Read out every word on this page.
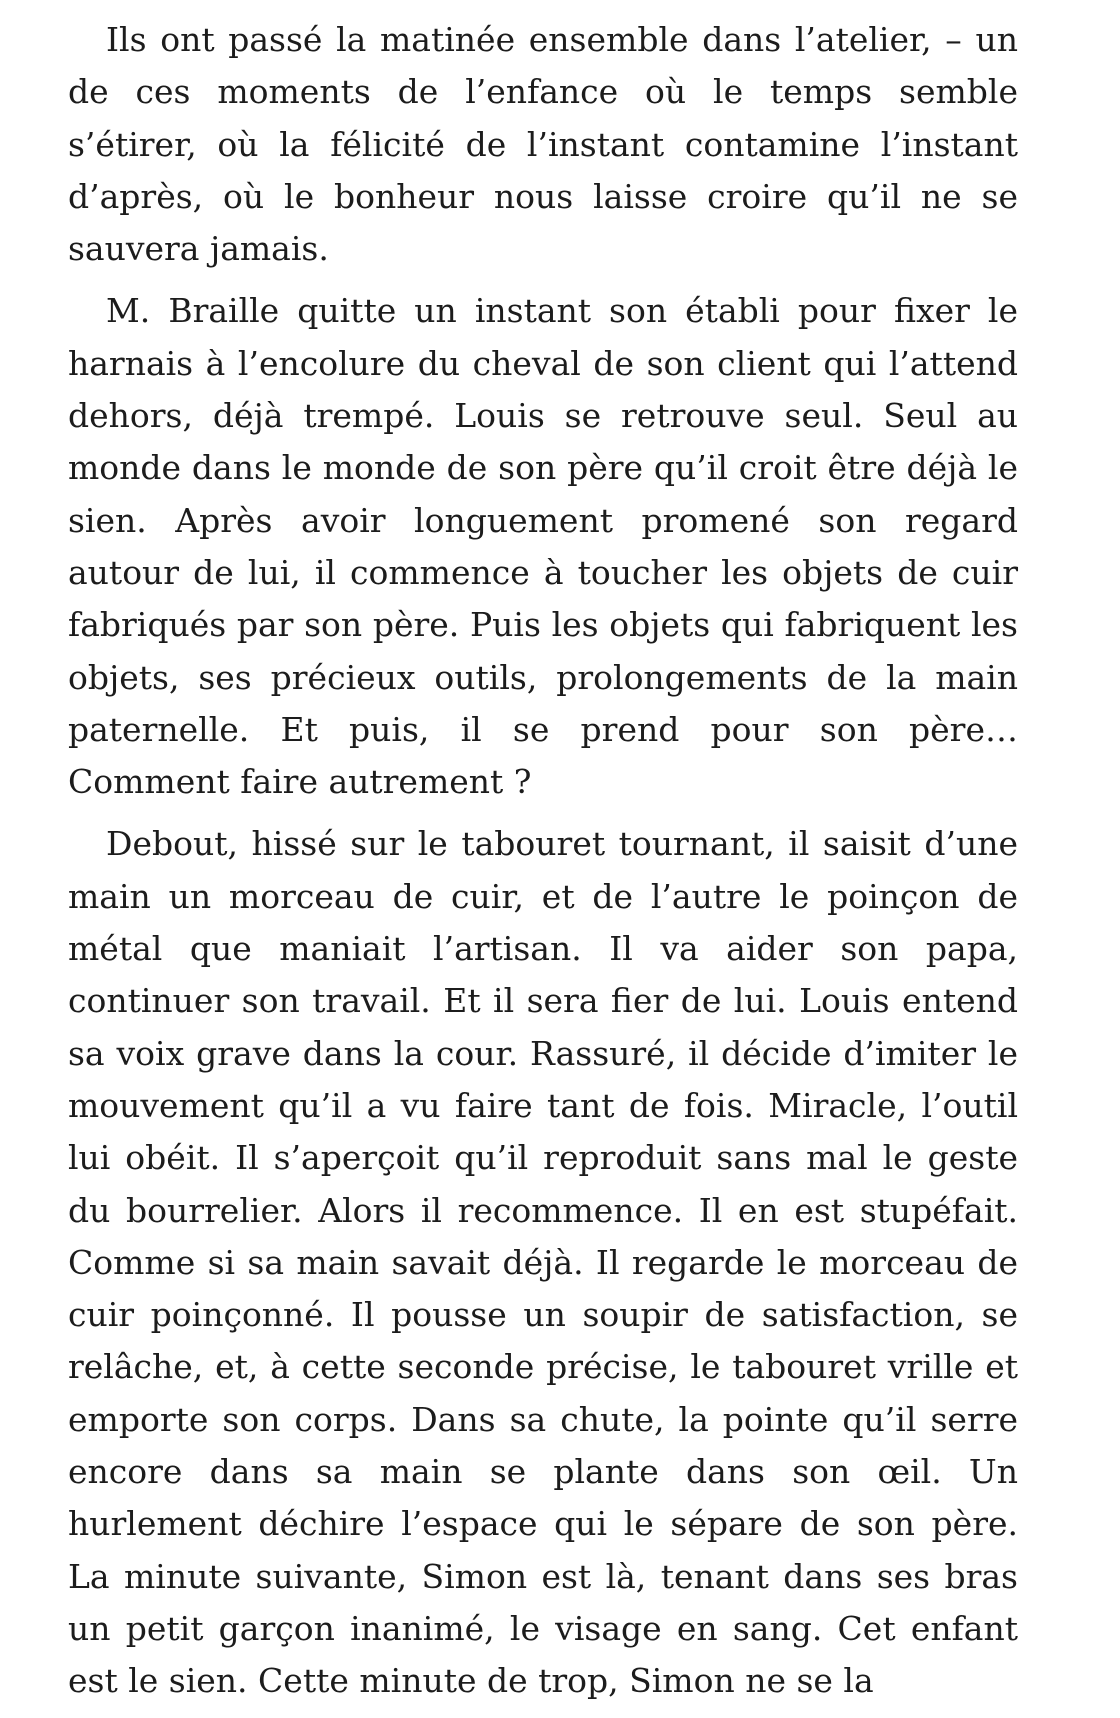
Ils ont passé la matinée ensemble dans l’atelier, – un de ces moments de l’enfance où le temps semble s’étirer, où la félicité de l’instant contamine l’instant d’après, où le bonheur nous laisse croire qu’il ne se sauvera jamais.

M. Braille quitte un instant son établi pour fixer le harnais à l’encolure du cheval de son client qui l’attend dehors, déjà trempé. Louis se retrouve seul. Seul au monde dans le monde de son père qu’il croit être déjà le sien. Après avoir longuement promené son regard autour de lui, il commence à toucher les objets de cuir fabriqués par son père. Puis les objets qui fabriquent les objets, ses précieux outils, prolongements de la main paternelle. Et puis, il se prend pour son père… Comment faire autrement ?

Debout, hissé sur le tabouret tournant, il saisit d’une main un morceau de cuir, et de l’autre le poinçon de métal que maniait l’artisan. Il va aider son papa, continuer son travail. Et il sera fier de lui. Louis entend sa voix grave dans la cour. Rassuré, il décide d’imiter le mouvement qu’il a vu faire tant de fois. Miracle, l’outil lui obéit. Il s’aperçoit qu’il reproduit sans mal le geste du bourrelier. Alors il recommence. Il en est stupéfait. Comme si sa main savait déjà. Il regarde le morceau de cuir poinçonné. Il pousse un soupir de satisfaction, se relâche, et, à cette seconde précise, le tabouret vrille et emporte son corps. Dans sa chute, la pointe qu’il serre encore dans sa main se plante dans son œil. Un hurlement déchire l’espace qui le sépare de son père. La minute suivante, Simon est là, tenant dans ses bras un petit garçon inanimé, le visage en sang. Cet enfant est le sien. Cette minute de trop, Simon ne se la
